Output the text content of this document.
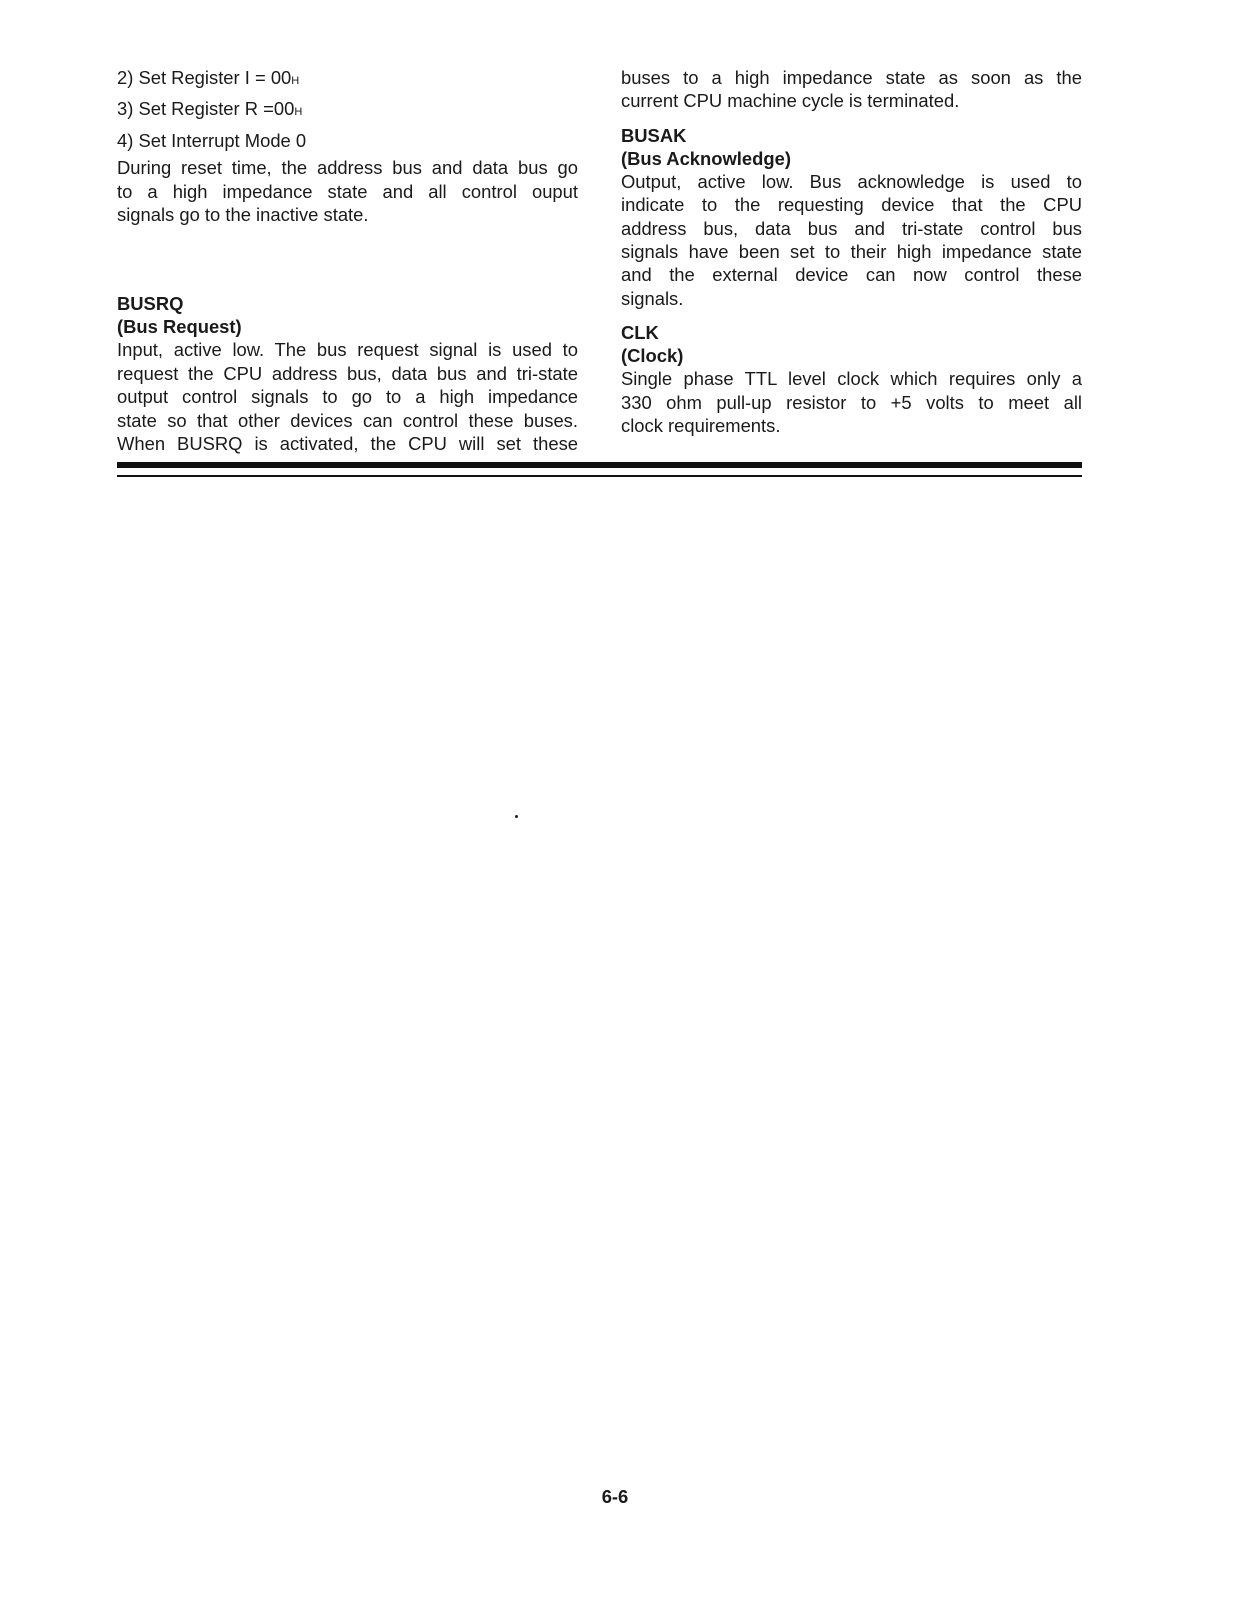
2) Set Register I = 00H
3) Set Register R =00H
4) Set Interrupt Mode 0
During reset time, the address bus and data bus go
to a high impedance state and all control ouput
signals go to the inactive state.
BUSRQ
(Bus Request)
Input, active low. The bus request signal is used to
request the CPU address bus, data bus and tri-state
output control signals to go to a high impedance
state so that other devices can control these buses.
When BUSRQ is activated, the CPU will set these
buses to a high impedance state as soon as the
current CPU machine cycle is terminated.
BUSAK
(Bus Acknowledge)
Output, active low. Bus acknowledge is used to
indicate to the requesting device that the CPU
address bus, data bus and tri-state control bus
signals have been set to their high impedance state
and the external device can now control these
signals.
CLK
(Clock)
Single phase TTL level clock which requires only a
330 ohm pull-up resistor to +5 volts to meet all
clock requirements.
6-6
